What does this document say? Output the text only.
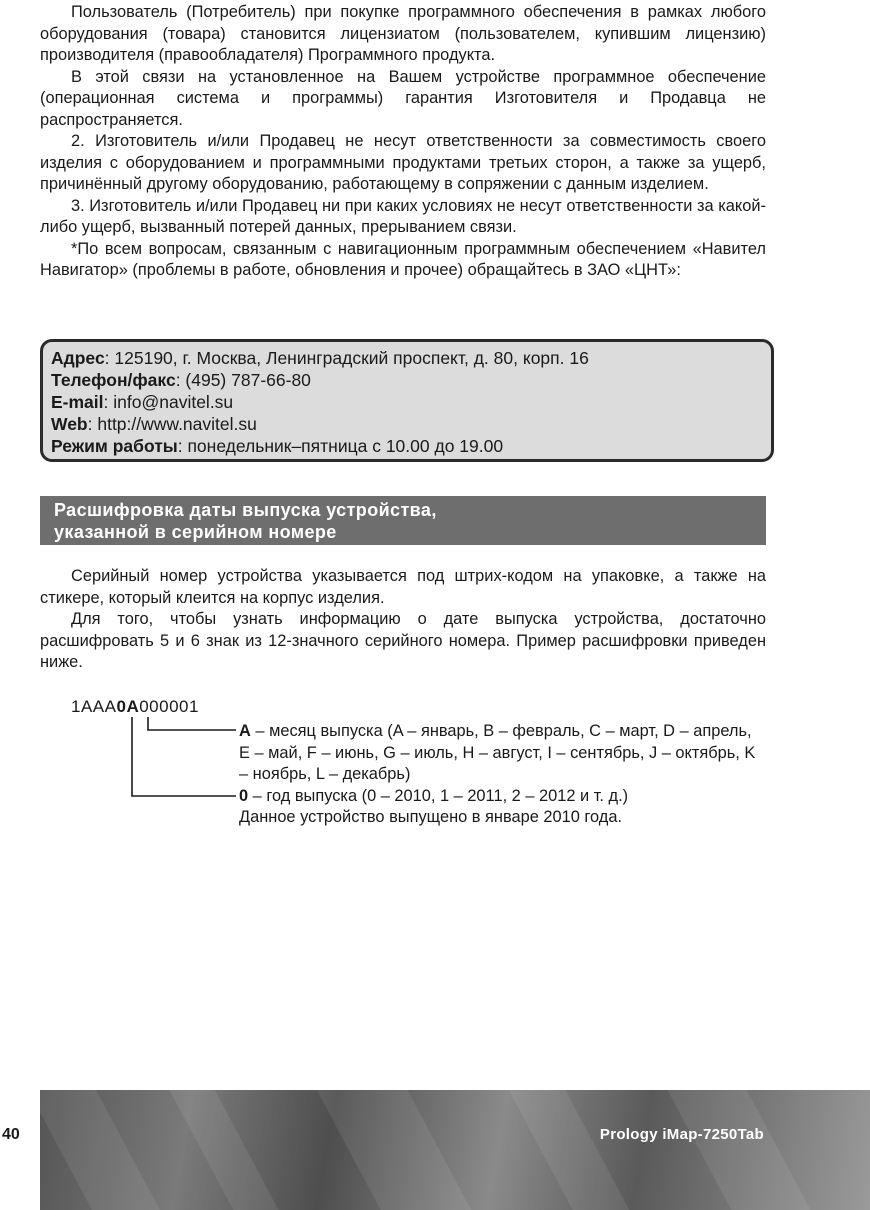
Пользователь (Потребитель) при покупке программного обеспечения в рамках любого оборудования (товара) становится лицензиатом (пользователем, купившим лицензию) производителя (правообладателя) Программного продукта.

В этой связи на установленное на Вашем устройстве программное обеспечение (операционная система и программы) гарантия Изготовителя и Продавца не распространяется.

2. Изготовитель и/или Продавец не несут ответственности за совместимость своего изделия с оборудованием и программными продуктами третьих сторон, а также за ущерб, причинённый другому оборудованию, работающему в сопряжении с данным изделием.

3. Изготовитель и/или Продавец ни при каких условиях не несут ответственности за какой-либо ущерб, вызванный потерей данных, прерыванием связи.

*По всем вопросам, связанным с навигационным программным обеспечением «Навител Навигатор» (проблемы в работе, обновления и прочее) обращайтесь в ЗАО «ЦНТ»:

Адрес: 125190, г. Москва, Ленинградский проспект, д. 80, корп. 16
Телефон/факс: (495) 787-66-80
E-mail: info@navitel.su
Web: http://www.navitel.su
Режим работы: понедельник–пятница с 10.00 до 19.00
Расшифровка даты выпуска устройства,
указанной в серийном номере

Серийный номер устройства указывается под штрих-кодом на упаковке, а также на стикере, который клеится на корпус изделия.

Для того, чтобы узнать информацию о дате выпуска устройства, достаточно расшифровать 5 и 6 знак из 12-значного серийного номера. Пример расшифровки приведен ниже.

1AAA0A000001

A – месяц выпуска (A – январь, B – февраль, C – март, D – апрель, E – май, F – июнь, G – июль, H – август, I – сентябрь, J – октябрь, K – ноябрь, L – декабрь)

0 – год выпуска (0 – 2010, 1 – 2011, 2 – 2012 и т. д.)

Данное устройство выпущено в январе 2010 года.

Prology iMap-7250Tab
40
